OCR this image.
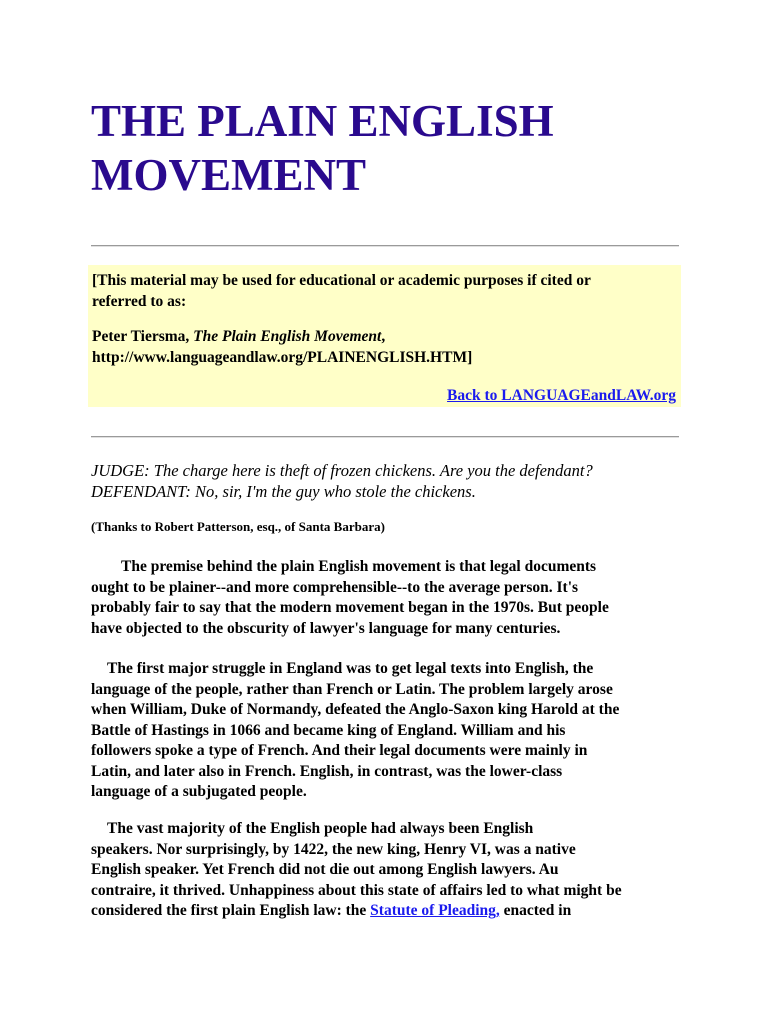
THE PLAIN ENGLISH
MOVEMENT
[This material may be used for educational or academic purposes if cited or
referred to as:
Peter Tiersma, The Plain English Movement,
http://www.languageandlaw.org/PLAINENGLISH.HTM]
Back to LANGUAGEandLAW.org
JUDGE: The charge here is theft of frozen chickens. Are you the defendant?
DEFENDANT: No, sir, I'm the guy who stole the chickens.
(Thanks to Robert Patterson, esq., of Santa Barbara)
The premise behind the plain English movement is that legal documents
ought to be plainer--and more comprehensible--to the average person. It's
probably fair to say that the modern movement began in the 1970s. But people
have objected to the obscurity of lawyer's language for many centuries.
The first major struggle in England was to get legal texts into English, the
language of the people, rather than French or Latin. The problem largely arose
when William, Duke of Normandy, defeated the Anglo-Saxon king Harold at the
Battle of Hastings in 1066 and became king of England. William and his
followers spoke a type of French. And their legal documents were mainly in
Latin, and later also in French. English, in contrast, was the lower-class
language of a subjugated people.
The vast majority of the English people had always been English
speakers. Nor surprisingly, by 1422, the new king, Henry VI, was a native
English speaker. Yet French did not die out among English lawyers. Au
contraire, it thrived. Unhappiness about this state of affairs led to what might be
considered the first plain English law: the Statute of Pleading, enacted in
